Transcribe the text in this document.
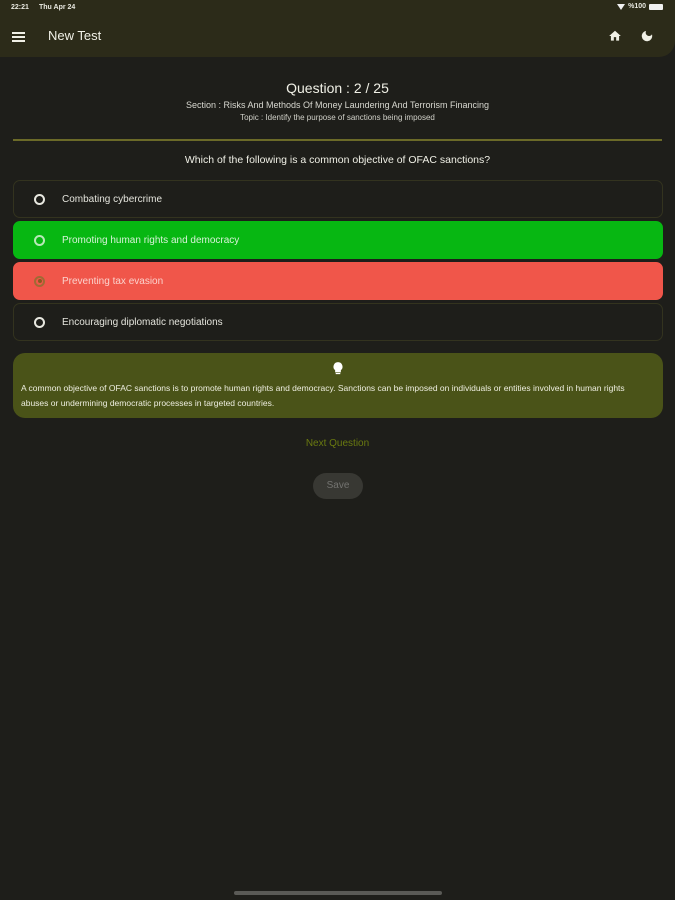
22:21 Thu Apr 24	%100
New Test
Question : 2 / 25
Section : Risks And Methods Of Money Laundering And Terrorism Financing
Topic : Identify the purpose of sanctions being imposed
Which of the following is a common objective of OFAC sanctions?
Combating cybercrime
Promoting human rights and democracy
Preventing tax evasion
Encouraging diplomatic negotiations
A common objective of OFAC sanctions is to promote human rights and democracy. Sanctions can be imposed on individuals or entities involved in human rights abuses or undermining democratic processes in targeted countries.
Next Question
Save
